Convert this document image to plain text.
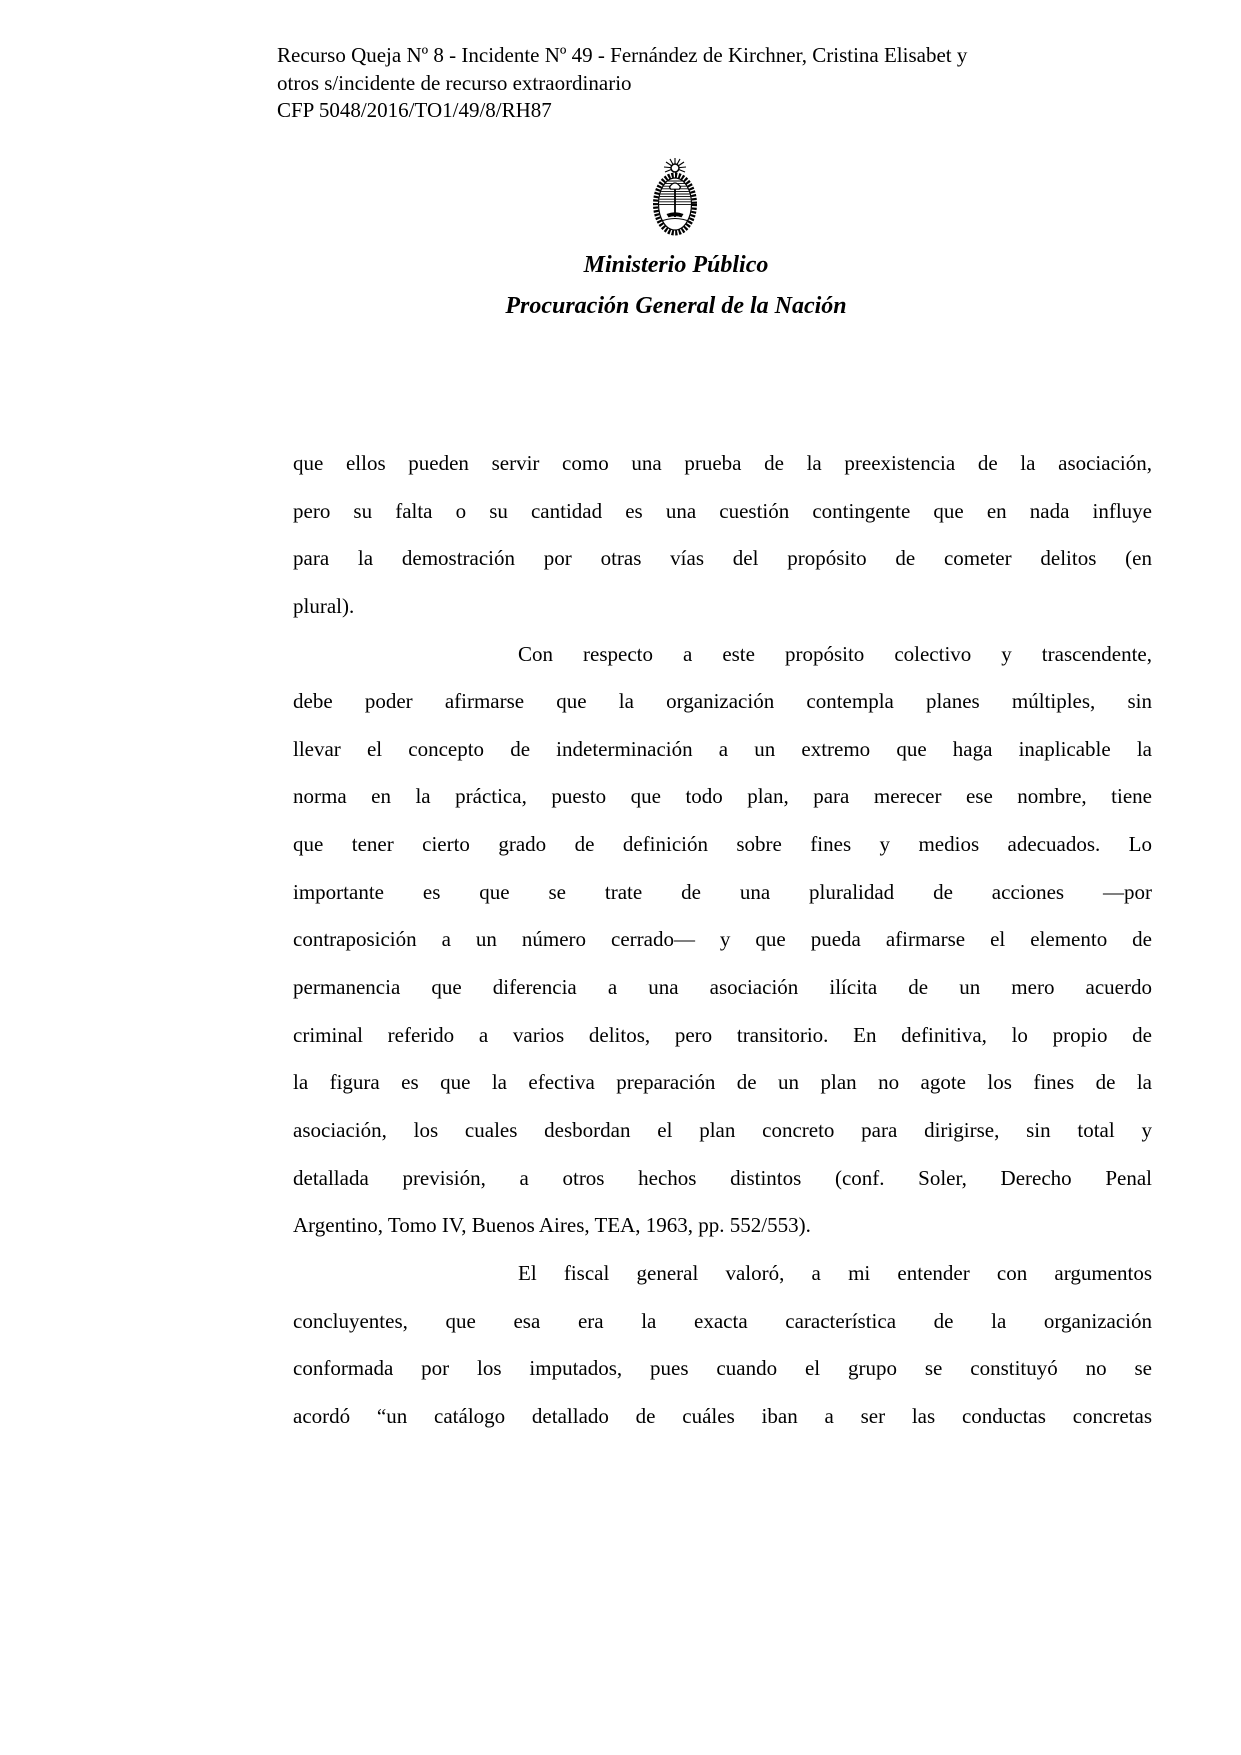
Recurso Queja Nº 8 - Incidente Nº 49 - Fernández de Kirchner, Cristina Elisabet y
otros s/incidente de recurso extraordinario
CFP 5048/2016/TO1/49/8/RH87
Ministerio Público
Procuración General de la Nación
que ellos pueden servir como una prueba de la preexistencia de la asociación,
pero su falta o su cantidad es una cuestión contingente que en nada influye
para la demostración por otras vías del propósito de cometer delitos (en
plural).
Con respecto a este propósito colectivo y trascendente,
debe poder afirmarse que la organización contempla planes múltiples, sin
llevar el concepto de indeterminación a un extremo que haga inaplicable la
norma en la práctica, puesto que todo plan, para merecer ese nombre, tiene
que tener cierto grado de definición sobre fines y medios adecuados. Lo
importante es que se trate de una pluralidad de acciones —por
contraposición a un número cerrado— y que pueda afirmarse el elemento de
permanencia que diferencia a una asociación ilícita de un mero acuerdo
criminal referido a varios delitos, pero transitorio. En definitiva, lo propio de
la figura es que la efectiva preparación de un plan no agote los fines de la
asociación, los cuales desbordan el plan concreto para dirigirse, sin total y
detallada previsión, a otros hechos distintos (conf. Soler, Derecho Penal
Argentino, Tomo IV, Buenos Aires, TEA, 1963, pp. 552/553).
El fiscal general valoró, a mi entender con argumentos
concluyentes, que esa era la exacta característica de la organización
conformada por los imputados, pues cuando el grupo se constituyó no se
acordó “un catálogo detallado de cuáles iban a ser las conductas concretas
